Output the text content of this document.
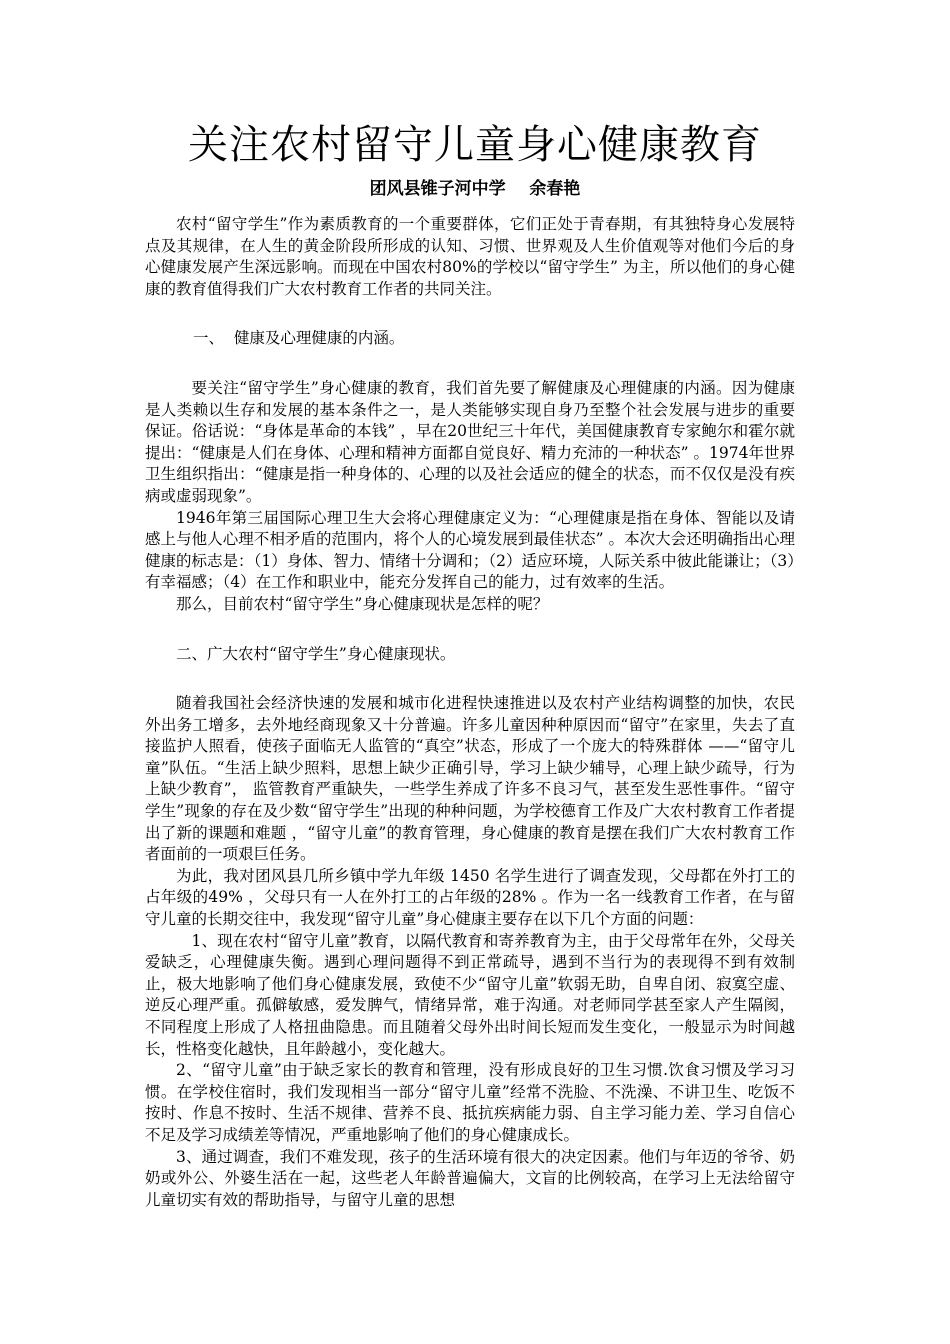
关注农村留守儿童身心健康教育
团风县锥子河中学    余春艳

农村“留守学生”作为素质教育的一个重要群体，它们正处于青春期，有其独特身心发展特点及其规律，在人生的黄金阶段所形成的认知、习惯、世界观及人生价值观等对他们今后的身心健康发展产生深远影响。而现在中国农村80%的学校以“留守学生” 为主，所以他们的身心健康的教育值得我们广大农村教育工作者的共同关注。

一、  健康及心理健康的内涵。

要关注“留守学生”身心健康的教育，我们首先要了解健康及心理健康的内涵。因为健康是人类赖以生存和发展的基本条件之一，是人类能够实现自身乃至整个社会发展与进步的重要保证。俗话说：“身体是革命的本钱” ，早在20世纪三十年代，美国健康教育专家鲍尔和霍尔就提出：“健康是人们在身体、心理和精神方面都自觉良好、精力充沛的一种状态” 。1974年世界卫生组织指出：“健康是指一种身体的、心理的以及社会适应的健全的状态，而不仅仅是没有疾病或虚弱现象”。

1946年第三届国际心理卫生大会将心理健康定义为：“心理健康是指在身体、智能以及请感上与他人心理不相矛盾的范围内，将个人的心境发展到最佳状态” 。本次大会还明确指出心理健康的标志是：（1）身体、智力、情绪十分调和；（2）适应环境，人际关系中彼此能谦让；（3）有幸福感；（4）在工作和职业中，能充分发挥自己的能力，过有效率的生活。

那么，目前农村“留守学生”身心健康现状是怎样的呢？

二、广大农村“留守学生”身心健康现状。

随着我国社会经济快速的发展和城市化进程快速推进以及农村产业结构调整的加快，农民外出务工增多，去外地经商现象又十分普遍。许多儿童因种种原因而“留守”在家里，失去了直接监护人照看，使孩子面临无人监管的“真空”状态，形成了一个庞大的特殊群体 ——“留守儿童”队伍。“生活上缺少照料，思想上缺少正确引导，学习上缺少辅导，心理上缺少疏导，行为上缺少教育”， 监管教育严重缺失，一些学生养成了许多不良习气，甚至发生恶性事件。“留守学生”现象的存在及少数“留守学生”出现的种种问题，为学校德育工作及广大农村教育工作者提出了新的课题和难题 ，“留守儿童”的教育管理，身心健康的教育是摆在我们广大农村教育工作者面前的一项艰巨任务。

为此，我对团风县几所乡镇中学九年级 1450 名学生进行了调查发现，父母都在外打工的占年级的49% ，父母只有一人在外打工的占年级的28% 。作为一名一线教育工作者，在与留守儿童的长期交往中，我发现“留守儿童”身心健康主要存在以下几个方面的问题：

1、现在农村“留守儿童”教育，以隔代教育和寄养教育为主，由于父母常年在外，父母关爱缺乏，心理健康失衡。遇到心理问题得不到正常疏导，遇到不当行为的表现得不到有效制止，极大地影响了他们身心健康发展，致使不少“留守儿童”软弱无助，自卑自闭、寂寞空虚、逆反心理严重。孤僻敏感，爱发脾气，情绪异常，难于沟通。对老师同学甚至家人产生隔阂，不同程度上形成了人格扭曲隐患。而且随着父母外出时间长短而发生变化，一般显示为时间越长，性格变化越快，且年龄越小，变化越大。

2、“留守儿童”由于缺乏家长的教育和管理，没有形成良好的卫生习惯.饮食习惯及学习习惯。在学校住宿时，我们发现相当一部分“留守儿童”经常不洗脸、不洗澡、不讲卫生、吃饭不按时、作息不按时、生活不规律、营养不良、抵抗疾病能力弱、自主学习能力差、学习自信心不足及学习成绩差等情况，严重地影响了他们的身心健康成长。

3、通过调查，我们不难发现，孩子的生活环境有很大的决定因素。他们与年迈的爷爷、奶奶或外公、外婆生活在一起，这些老人年龄普遍偏大，文盲的比例较高，在学习上无法给留守儿童切实有效的帮助指导，与留守儿童的思想
